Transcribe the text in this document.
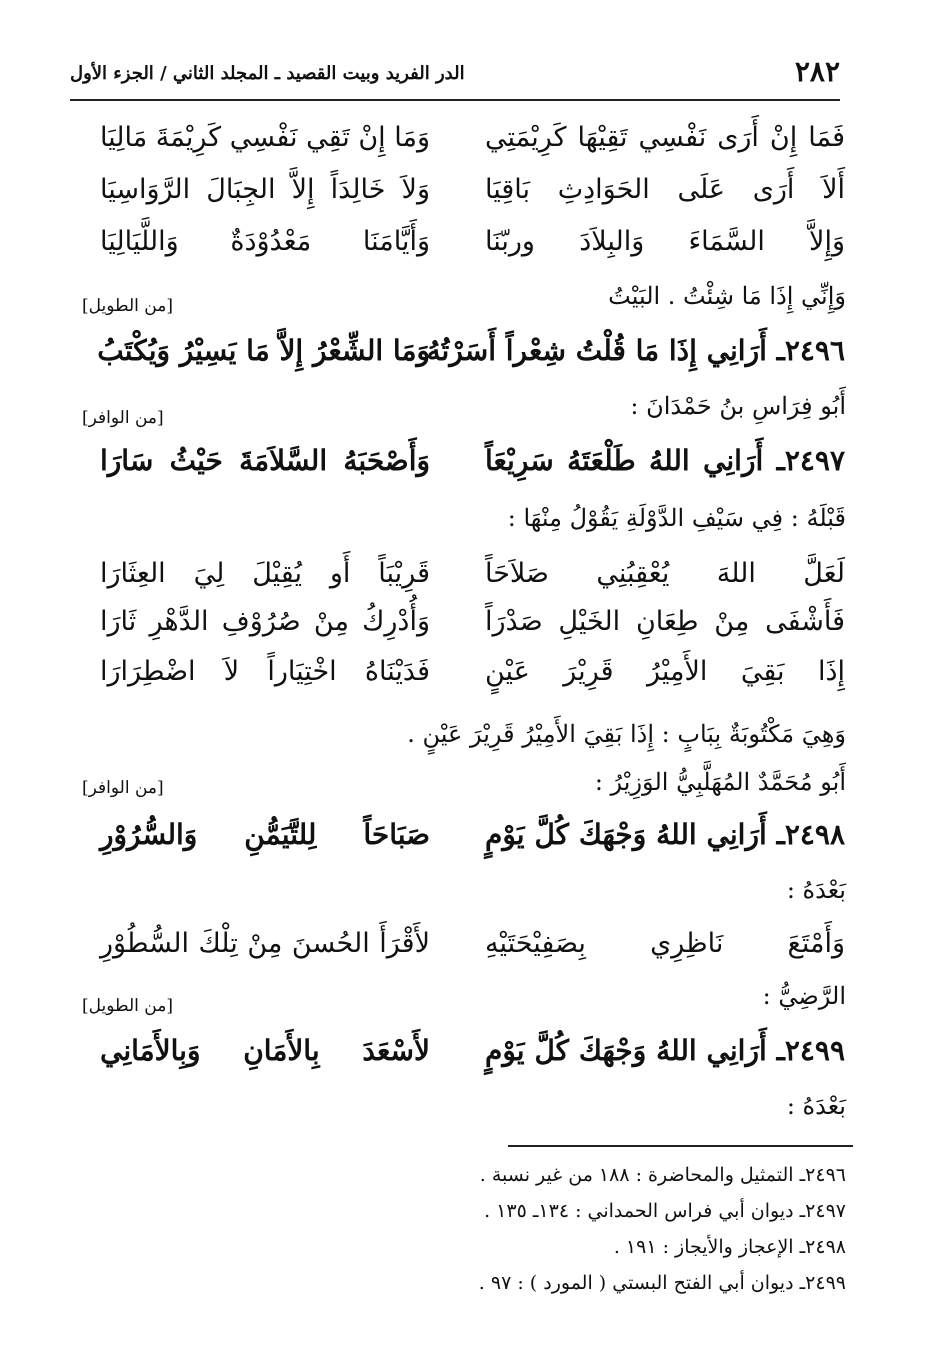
٢٨٢
الدر الفريد وبيت القصيد ـ المجلد الثاني / الجزء الأول
فَمَا إِنْ أَرَى نَفْسِي تَقِيْهَا كَرِيْمَتِي
وَمَا إِنْ تَقِي نَفْسِي كَرِيْمَةَ مَالِيَا
أَلاَ أَرَى عَلَى الحَوَادِثِ بَاقِيَا
وَلاَ خَالِدَاً إِلاَّ الجِبَالَ الرَّوَاسِيَا
وَإِلاَّ السَّمَاءَ وَالبِلاَدَ وربّنَا
وَأَيَّامَنَا مَعْدُوْدَةٌ وَاللَّيَالِيَا
وَإِنِّي إِذَا مَا شِئْتُ . البَيْتُ
[من الطويل]
٢٤٩٦ـ أَرَانِي إِذَا مَا قُلْتُ شِعْراً أَسَرْتُهُ
وَمَا الشِّعْرُ إِلاَّ مَا يَسِيْرُ وَيُكْتَبُ
أَبُو فِرَاسِ بنُ حَمْدَانَ :
[من الوافر]
٢٤٩٧ـ أَرَانِي اللهُ طَلْعَتَهُ سَرِيْعَاً
وَأَصْحَبَهُ السَّلاَمَةَ حَيْثُ سَارَا
قَبْلَهُ : فِي سَيْفِ الدَّوْلَةِ يَقُوْلُ مِنْهَا :
لَعَلَّ اللهَ يُعْقِبُنِي صَلاَحَاً
قَرِيْبَاً أَو يُقِيْلَ لِيَ العِثَارَا
فَأَشْفَى مِنْ طِعَانِ الخَيْلِ صَدْرَاً
وَأُدْرِكُ مِنْ صُرُوْفِ الدَّهْرِ ثَارَا
إِذَا بَقِيَ الأَمِيْرُ قَرِيْرَ عَيْنٍ
فَدَيْنَاهُ اخْتِيَاراً لاَ اضْطِرَارَا
وَهِيَ مَكْتُوبَةٌ بِبَابٍ : إِذَا بَقِيَ الأَمِيْرُ قَرِيْرَ عَيْنٍ .
أَبُو مُحَمَّدٌ المُهَلَّبِيُّ الوَزِيْرُ :
[من الوافر]
٢٤٩٨ـ أَرَانِي اللهُ وَجْهَكَ كُلَّ يَوْمٍ
صَبَاحَاً لِلتَّيَمُّنِ وَالسُّرُوْرِ
بَعْدَهُ :
وَأَمْتَعَ نَاظِرِي بِصَفِيْحَتَيْهِ
لأَقْرَأَ الحُسنَ مِنْ تِلْكَ السُّطُوْرِ
الرَّضِيُّ :
[من الطويل]
٢٤٩٩ـ أَرَانِي اللهُ وَجْهَكَ كُلَّ يَوْمٍ
لأَسْعَدَ بِالأَمَانِ وَبِالأَمَانِي
بَعْدَهُ :
٢٤٩٦ـ التمثيل والمحاضرة : ١٨٨ من غير نسبة .
٢٤٩٧ـ ديوان أبي فراس الحمداني : ١٣٤ـ ١٣٥ .
٢٤٩٨ـ الإعجاز والأيجاز : ١٩١ .
٢٤٩٩ـ ديوان أبي الفتح البستي ( المورد ) : ٩٧ .
